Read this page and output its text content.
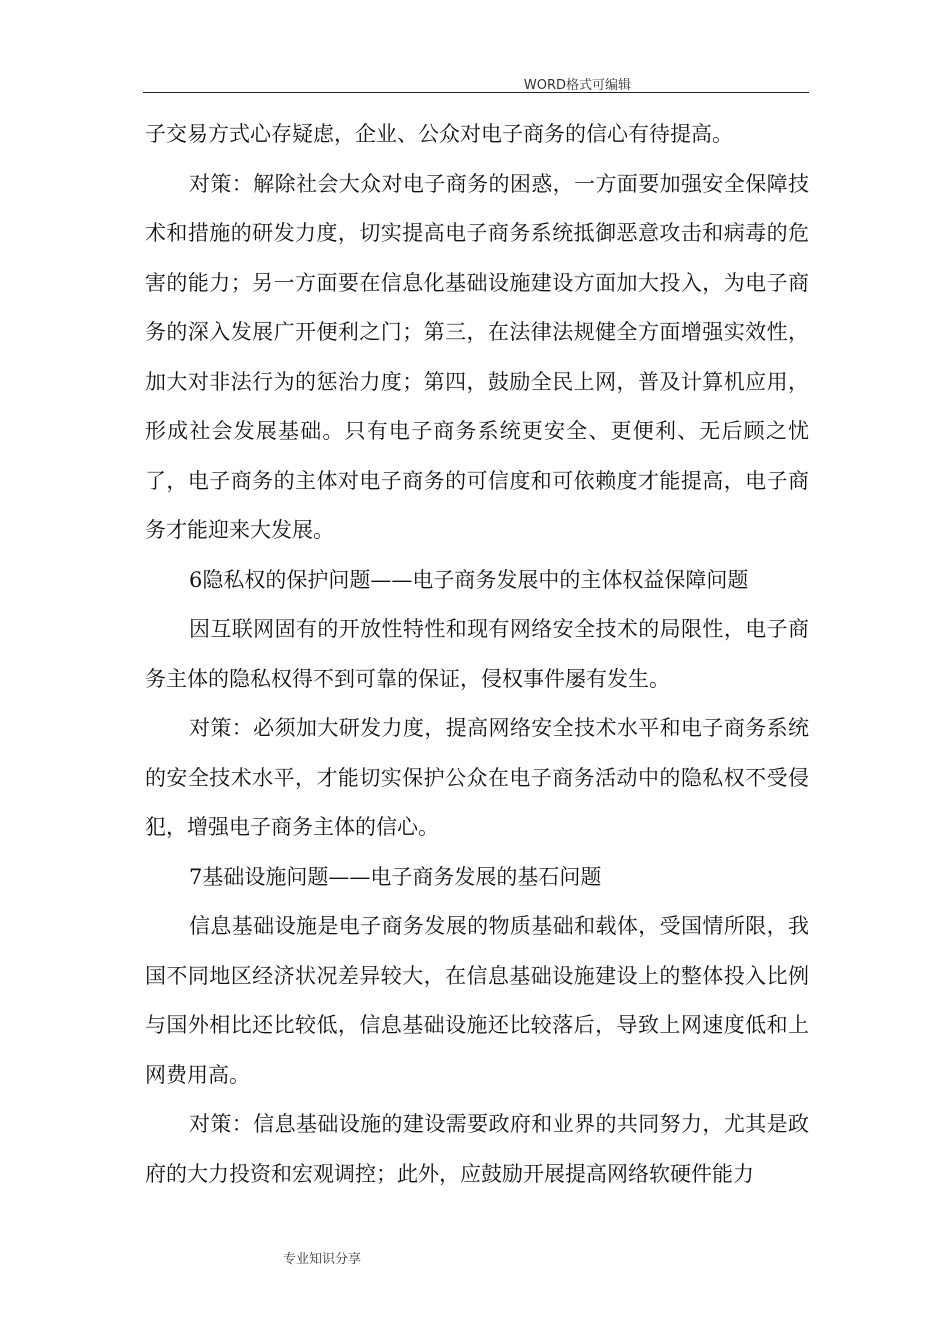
WORD格式可编辑

子交易方式心存疑虑，企业、公众对电子商务的信心有待提高。

对策：解除社会大众对电子商务的困惑，一方面要加强安全保障技术和措施的研发力度，切实提高电子商务系统抵御恶意攻击和病毒的危害的能力；另一方面要在信息化基础设施建设方面加大投入，为电子商务的深入发展广开便利之门；第三，在法律法规健全方面增强实效性，加大对非法行为的惩治力度；第四，鼓励全民上网，普及计算机应用，形成社会发展基础。只有电子商务系统更安全、更便利、无后顾之忧了，电子商务的主体对电子商务的可信度和可依赖度才能提高，电子商务才能迎来大发展。

6隐私权的保护问题——电子商务发展中的主体权益保障问题

因互联网固有的开放性特性和现有网络安全技术的局限性，电子商务主体的隐私权得不到可靠的保证，侵权事件屡有发生。

对策：必须加大研发力度，提高网络安全技术水平和电子商务系统的安全技术水平，才能切实保护公众在电子商务活动中的隐私权不受侵犯，增强电子商务主体的信心。

7基础设施问题——电子商务发展的基石问题

信息基础设施是电子商务发展的物质基础和载体，受国情所限，我国不同地区经济状况差异较大，在信息基础设施建设上的整体投入比例与国外相比还比较低，信息基础设施还比较落后，导致上网速度低和上网费用高。

对策：信息基础设施的建设需要政府和业界的共同努力，尤其是政府的大力投资和宏观调控；此外，应鼓励开展提高网络软硬件能力

专业知识分享
